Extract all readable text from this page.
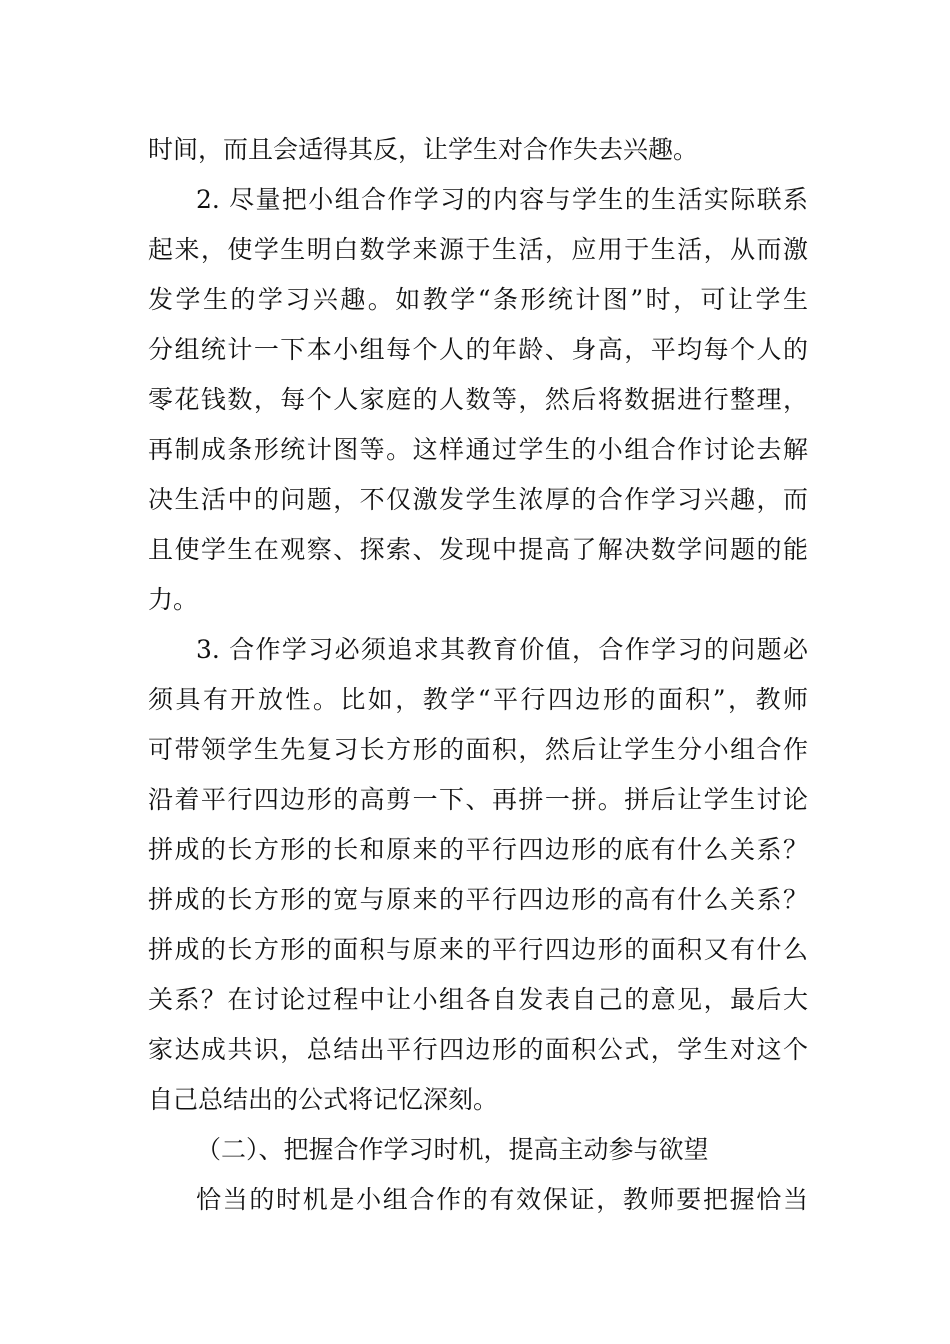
时间，而且会适得其反，让学生对合作失去兴趣。
2. 尽量把小组合作学习的内容与学生的生活实际联系
起来，使学生明白数学来源于生活，应用于生活，从而激
发学生的学习兴趣。如教学“条形统计图”时，可让学生
分组统计一下本小组每个人的年龄、身高，平均每个人的
零花钱数，每个人家庭的人数等，然后将数据进行整理，
再制成条形统计图等。这样通过学生的小组合作讨论去解
决生活中的问题，不仅激发学生浓厚的合作学习兴趣，而
且使学生在观察、探索、发现中提高了解决数学问题的能
力。
3. 合作学习必须追求其教育价值，合作学习的问题必
须具有开放性。比如，教学“平行四边形的面积”，教师
可带领学生先复习长方形的面积，然后让学生分小组合作
沿着平行四边形的高剪一下、再拼一拼。拼后让学生讨论
拼成的长方形的长和原来的平行四边形的底有什么关系？
拼成的长方形的宽与原来的平行四边形的高有什么关系？
拼成的长方形的面积与原来的平行四边形的面积又有什么
关系？在讨论过程中让小组各自发表自己的意见，最后大
家达成共识，总结出平行四边形的面积公式，学生对这个
自己总结出的公式将记忆深刻。
（二）、把握合作学习时机，提高主动参与欲望
恰当的时机是小组合作的有效保证，教师要把握恰当
